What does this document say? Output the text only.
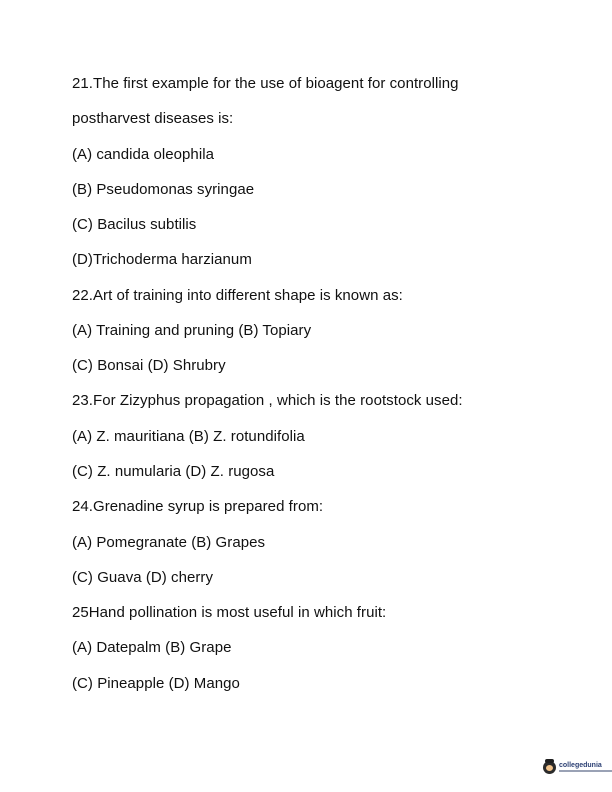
21.The first example for the use of bioagent for controlling
postharvest diseases is:
(A) candida oleophila
(B) Pseudomonas syringae
(C) Bacilus subtilis
(D)Trichoderma harzianum
22.Art of training into different shape is known as:
(A) Training and pruning (B) Topiary
(C) Bonsai (D) Shrubry
23.For Zizyphus propagation , which is the rootstock used:
(A) Z. mauritiana (B) Z. rotundifolia
(C) Z. numularia (D) Z. rugosa
24.Grenadine syrup is prepared from:
(A) Pomegranate (B) Grapes
(C) Guava (D) cherry
25Hand pollination is most useful in which fruit:
(A) Datepalm (B) Grape
(C) Pineapple (D) Mango
collegedunia
